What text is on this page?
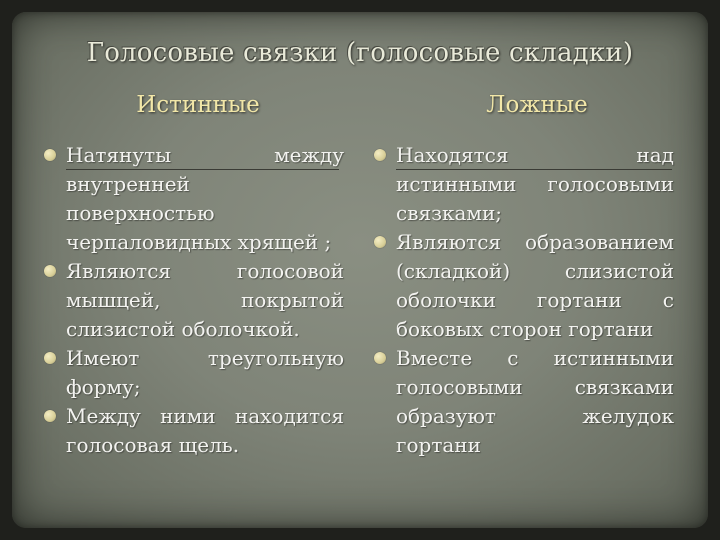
Голосовые связки (голосовые складки)
Истинные	Ложные
Натянуты между внутренней поверхностью черпаловидных хрящей ;
Являются голосовой мышцей, покрытой слизистой оболочкой.
Имеют треугольную форму;
Между ними находится голосовая щель.
Находятся над истинными голосовыми связками;
Являются образованием (складкой) слизистой оболочки гортани с боковых сторон гортани
Вместе с истинными голосовыми связками образуют желудок гортани
